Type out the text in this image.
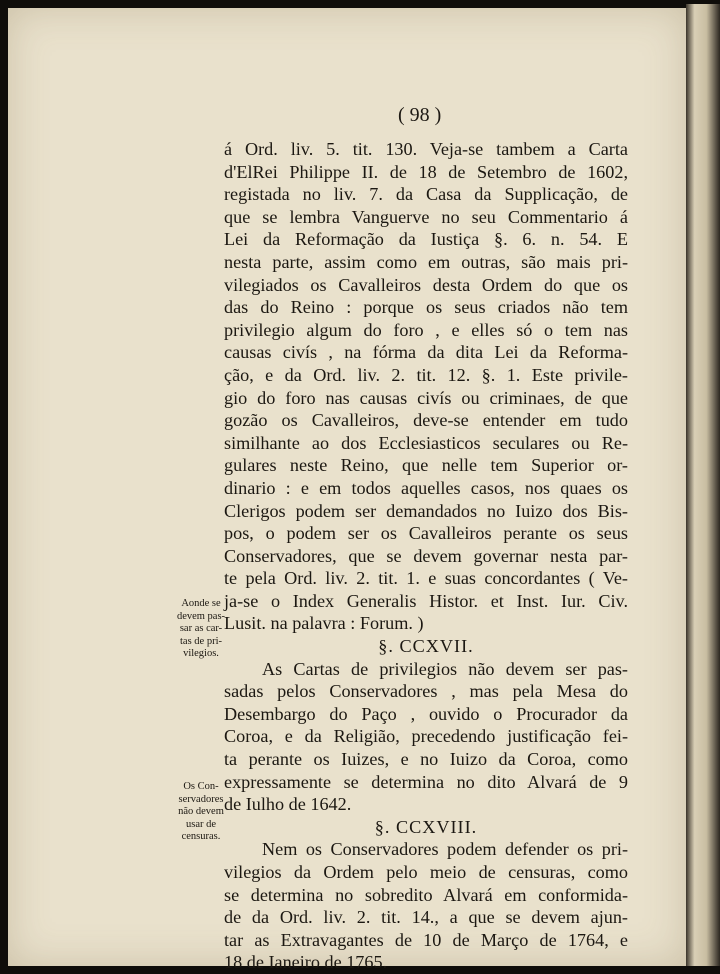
( 98 )
á Ord. liv. 5. tit. 130. Veja-se tambem a Carta
d'ElRei Philippe II. de 18 de Setembro de 1602,
registada no liv. 7. da Casa da Supplicação, de
que se lembra Vanguerve no seu Commentario á
Lei da Reformação da Iustiça §. 6. n. 54. E
nesta parte, assim como em outras, são mais pri-
vilegiados os Cavalleiros desta Ordem do que os
das do Reino : porque os seus criados não tem
privilegio algum do foro , e elles só o tem nas
causas civís , na fórma da dita Lei da Reforma-
ção, e da Ord. liv. 2. tit. 12. §. 1. Este privile-
gio do foro nas causas civís ou criminaes, de que
gozão os Cavalleiros, deve-se entender em tudo
similhante ao dos Ecclesiasticos seculares ou Re-
gulares neste Reino, que nelle tem Superior or-
dinario : e em todos aquelles casos, nos quaes os
Clerigos podem ser demandados no Iuizo dos Bis-
pos, o podem ser os Cavalleiros perante os seus
Conservadores, que se devem governar nesta par-
te pela Ord. liv. 2. tit. 1. e suas concordantes ( Ve-
ja-se o Index Generalis Histor. et Inst. Iur. Civ.
Lusit. na palavra : Forum. )
§. CCXVII.
As Cartas de privilegios não devem ser pas-
sadas pelos Conservadores , mas pela Mesa do
Desembargo do Paço , ouvido o Procurador da
Coroa, e da Religião, precedendo justificação fei-
ta perante os Iuizes, e no Iuizo da Coroa, como
expressamente se determina no dito Alvará de 9
de Iulho de 1642.
§. CCXVIII.
Nem os Conservadores podem defender os pri-
vilegios da Ordem pelo meio de censuras, como
se determina no sobredito Alvará em conformida-
de da Ord. liv. 2. tit. 14., a que se devem ajun-
tar as Extravagantes de 10 de Março de 1764, e
18 de Ianeiro de 1765.
Aonde se
devem pas-
sar as car-
tas de pri-
vilegios.
Os Con-
servadores
não devem
usar de
censuras.
